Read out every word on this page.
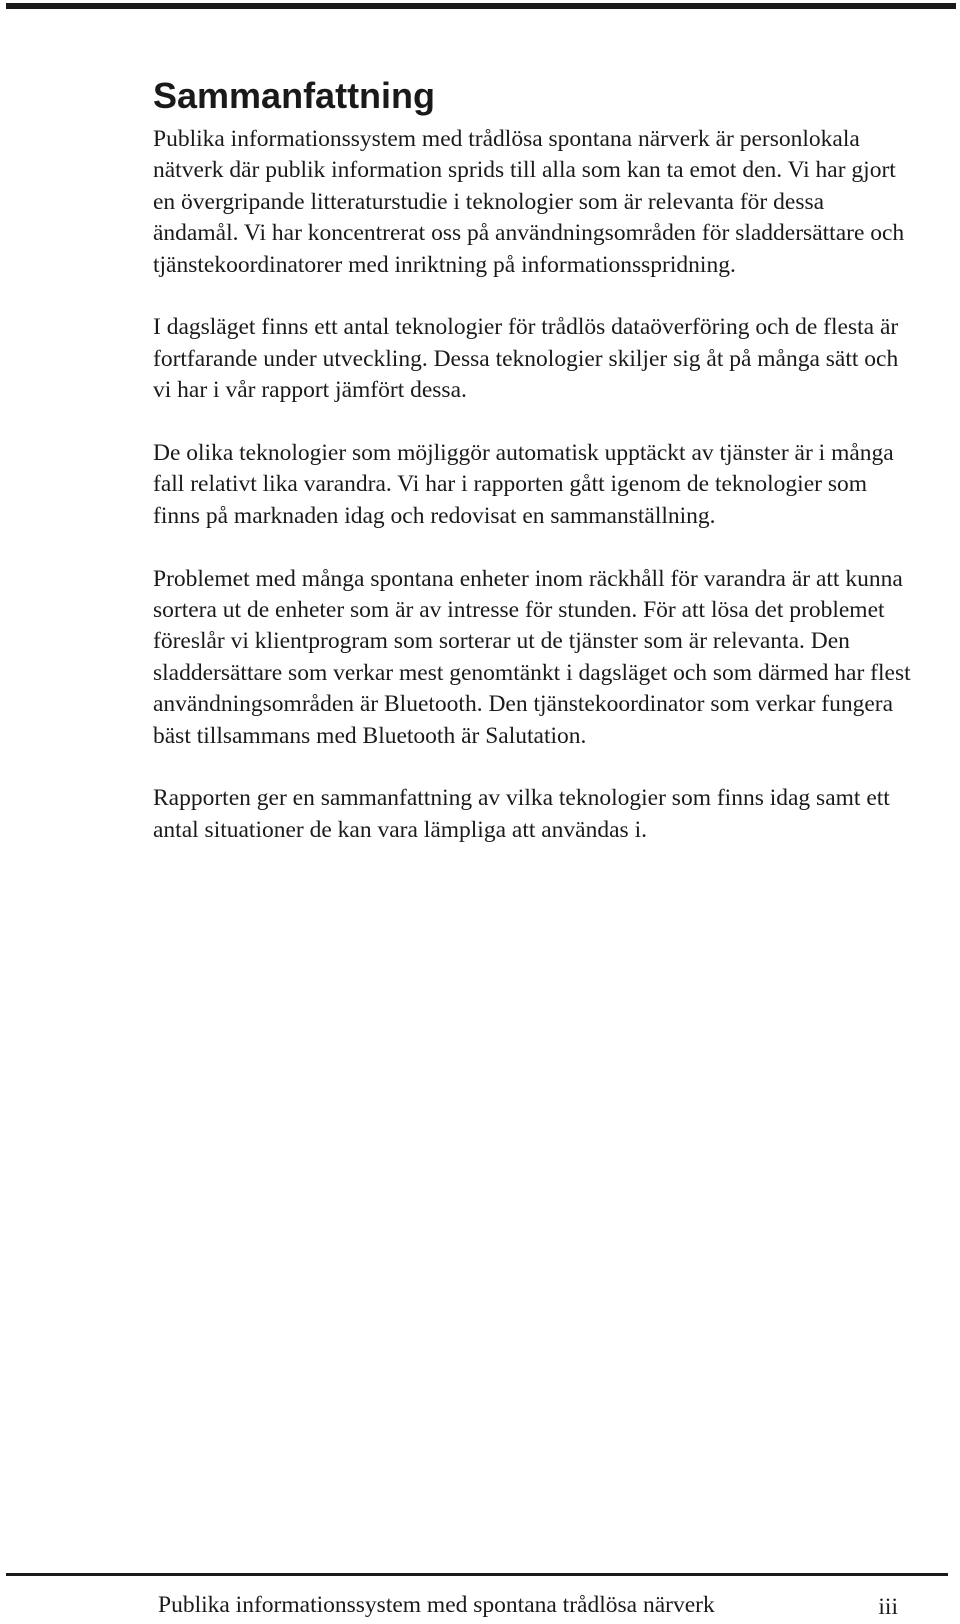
Sammanfattning

Publika informationssystem med trådlösa spontana närverk är personlokala nätverk där publik information sprids till alla som kan ta emot den. Vi har gjort en övergripande litteraturstudie i teknologier som är relevanta för dessa ändamål. Vi har koncentrerat oss på användningsområden för sladdersättare och tjänstekoordinatorer med inriktning på informationsspridning.

I dagsläget finns ett antal teknologier för trådlös dataöverföring och de flesta är fortfarande under utveckling. Dessa teknologier skiljer sig åt på många sätt och vi har i vår rapport jämfört dessa.

De olika teknologier som möjliggör automatisk upptäckt av tjänster är i många fall relativt lika varandra. Vi har i rapporten gått igenom de teknologier som finns på marknaden idag och redovisat en sammanställning.

Problemet med många spontana enheter inom räckhåll för varandra är att kunna sortera ut de enheter som är av intresse för stunden. För att lösa det problemet föreslår vi klientprogram som sorterar ut de tjänster som är relevanta. Den sladdersättare som verkar mest genomtänkt i dagsläget och som därmed har flest användningsområden är Bluetooth. Den tjänstekoordinator som verkar fungera bäst tillsammans med Bluetooth är Salutation.

Rapporten ger en sammanfattning av vilka teknologier som finns idag samt ett antal situationer de kan vara lämpliga att användas i.

Publika informationssystem med spontana trådlösa närverk	iii
